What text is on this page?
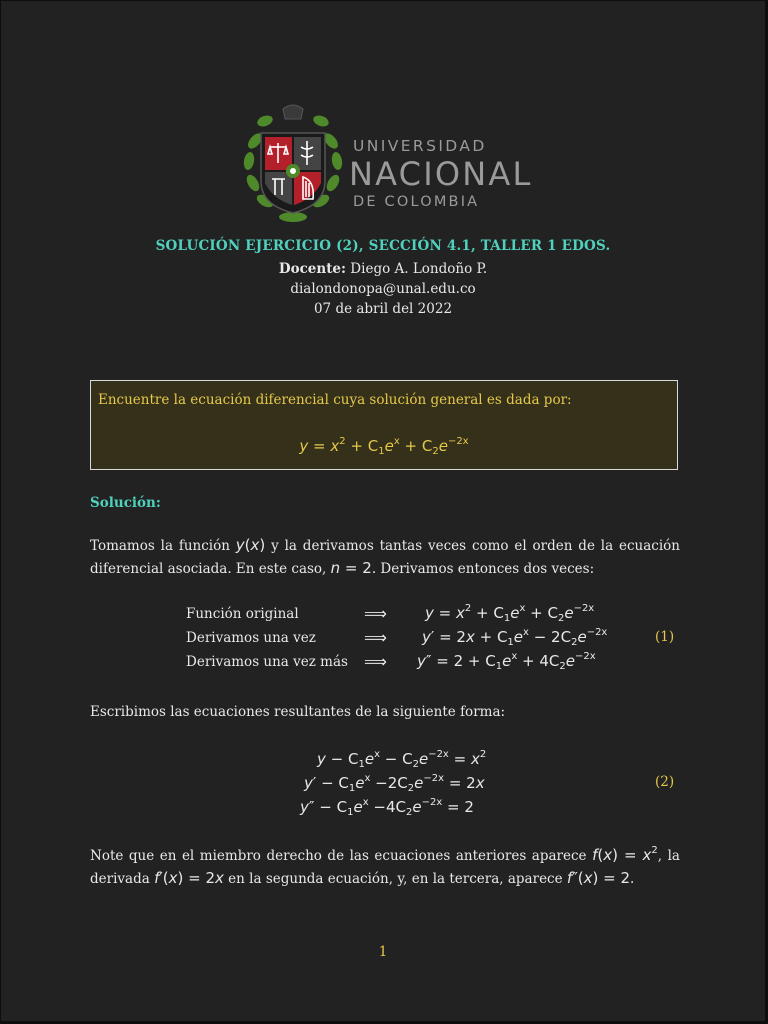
UNIVERSIDAD
NACIONAL
DE COLOMBIA
SOLUCIÓN EJERCICIO (2), SECCIÓN 4.1, TALLER 1 EDOS.
Docente: Diego A. Londoño P.
dialondonopa@unal.edu.co
07 de abril del 2022
Encuentre la ecuación diferencial cuya solución general es dada por:
$y = x^2 + C_1e^x + C_2e^{-2x}$
Solución:
Tomamos la función y(x) y la derivamos tantas veces como el orden de la ecuación diferencial asociada. En este caso, n = 2. Derivamos entonces dos veces:
Función original	⟹	$y = x^2 + C_1e^x + C_2e^{-2x}$
Derivamos una vez	⟹ $y' = 2x + C_1e^x - 2C_2e^{-2x}$
Derivamos una vez más ⟹ $y'' = 2 + C_1e^x + 4C_2e^{-2x}$
(1)
Escribimos las ecuaciones resultantes de la siguiente forma:
$y - C_1e^x - C_2e^{-2x} = x^2$
$y' - C_1e^x -2C_2e^{-2x} = 2x$
$y'' - C_1e^x -4C_2e^{-2x} = 2$
(2)
Note que en el miembro derecho de las ecuaciones anteriores aparece $f(x) = x^2$, la derivada f′(x) = 2x en la segunda ecuación, y, en la tercera, aparece f″(x) = 2.
1
